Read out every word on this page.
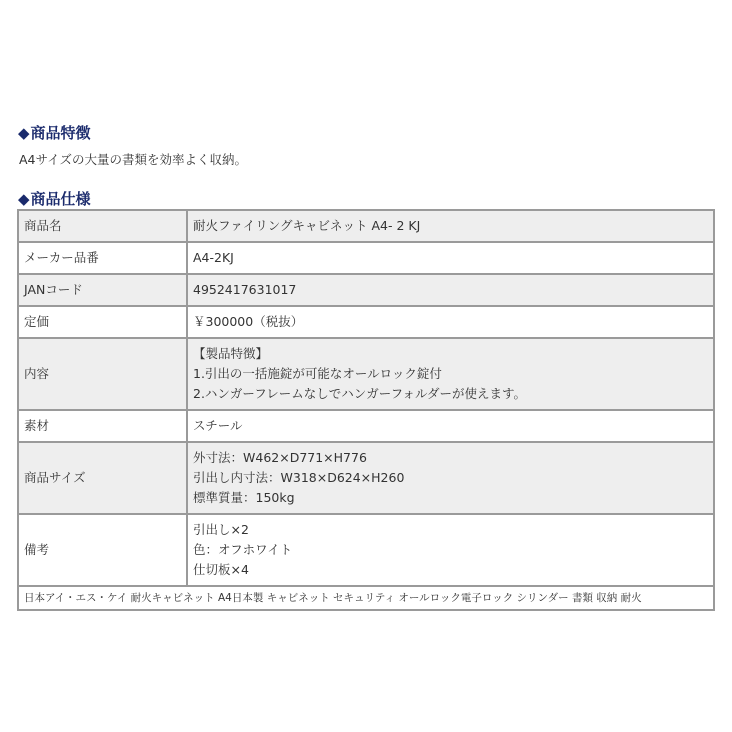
◆商品特徴
A4サイズの大量の書類を効率よく収納。
◆商品仕様
商品名	耐火ファイリングキャビネット A4- 2 KJ

メーカー品番	A4-2KJ

JANコード	4952417631017

定価	￥300000（税抜）

内容	【製品特徴】
1.引出の一括施錠が可能なオールロック錠付
2.ハンガーフレームなしでハンガーフォルダーが使えます。

素材	スチール

商品サイズ	外寸法：W462×D771×H776
引出し内寸法：W318×D624×H260
標準質量：150kg

備考	引出し×2
色：オフホワイト
仕切板×4

日本アイ・エス・ケイ 耐火キャビネット A4日本製 キャビネット セキュリティ オールロック電子ロック シリンダー 書類 収納 耐火	
